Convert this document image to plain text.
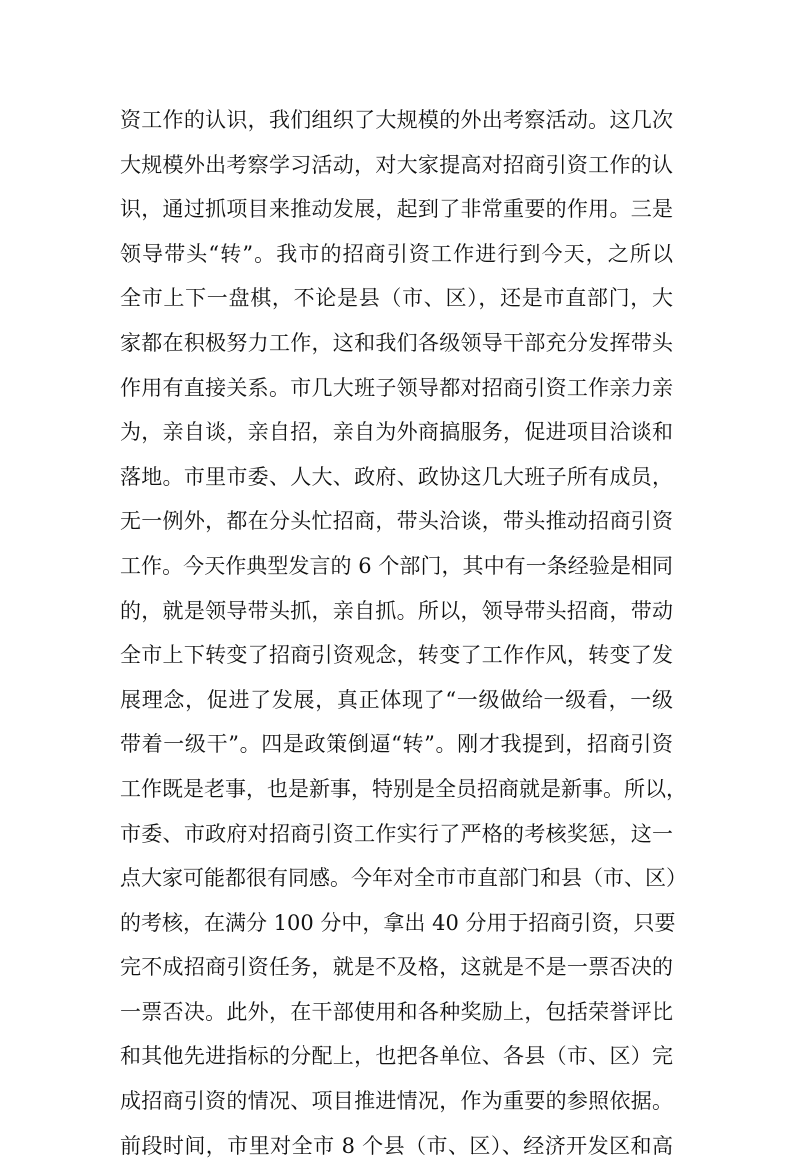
资工作的认识，我们组织了大规模的外出考察活动。这几次
大规模外出考察学习活动，对大家提高对招商引资工作的认
识，通过抓项目来推动发展，起到了非常重要的作用。三是
领导带头“转”。我市的招商引资工作进行到今天，之所以
全市上下一盘棋，不论是县（市、区），还是市直部门，大
家都在积极努力工作，这和我们各级领导干部充分发挥带头
作用有直接关系。市几大班子领导都对招商引资工作亲力亲
为，亲自谈，亲自招，亲自为外商搞服务，促进项目洽谈和
落地。市里市委、人大、政府、政协这几大班子所有成员，
无一例外，都在分头忙招商，带头洽谈，带头推动招商引资
工作。今天作典型发言的 6 个部门，其中有一条经验是相同
的，就是领导带头抓，亲自抓。所以，领导带头招商，带动
全市上下转变了招商引资观念，转变了工作作风，转变了发
展理念，促进了发展，真正体现了“一级做给一级看，一级
带着一级干”。四是政策倒逼“转”。刚才我提到，招商引资
工作既是老事，也是新事，特别是全员招商就是新事。所以，
市委、市政府对招商引资工作实行了严格的考核奖惩，这一
点大家可能都很有同感。今年对全市市直部门和县（市、区）
的考核，在满分 100 分中，拿出 40 分用于招商引资，只要
完不成招商引资任务，就是不及格，这就是不是一票否决的
一票否决。此外，在干部使用和各种奖励上，包括荣誉评比
和其他先进指标的分配上，也把各单位、各县（市、区）完
成招商引资的情况、项目推进情况，作为重要的参照依据。
前段时间，市里对全市 8 个县（市、区）、经济开发区和高
